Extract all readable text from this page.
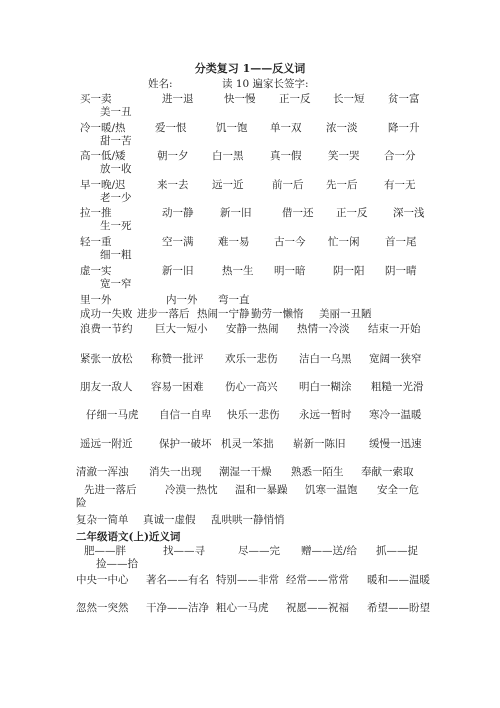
分类复习 1——反义词
姓名:	读 10 遍家长签字:
买一卖	进一退	快一慢 正一反 长一短 贫一富
美一丑
冷一暖/热	爱一恨	饥一饱 单一双 浓一淡	降一升
甜一苦
高一低/矮	朝一夕 白一黑	真一假	笑一哭 合一分
放一收
早一晚/迟	来一去 远一近	前一后 先一后	有一无
老一少
拉一推	动一静	新一旧	借一还 正一反 深一浅
生一死
轻一重	空一满 难一易 古一今 忙一闲 首一尾
细一粗
虚一实	新一旧	热一生 明一暗	阴一阳 阴一晴
宽一窄
里一外	内一外 弯一直
成功一失败 进步一落后 热闹一宁静 勤劳一懒惰 美丽一丑陋
浪费一节约 巨大一短小 安静一热闹 热情一冷淡 结束一开始
紧张一放松 称赞一批评 欢乐一悲伤 洁白一乌黑 宽阔一狭窄
朋友一敌人 容易一困难 伤心一高兴 明白一糊涂 粗糙一光滑
仔细一马虎 自信一自卑 快乐一悲伤 永远一暂时 寒冷一温暖
遥远一附近	保护一破坏 机灵一笨拙 崭新一陈旧 缓慢一迅速
清澈一浑浊 消失一出现 潮湿一干燥 熟悉一陌生 奉献一索取
先进一落后	冷漠一热忱 温和一暴躁 饥寒一温饱 安全一危
险
复杂一简单 真诚一虚假 乱哄哄一静悄悄
二年级语文(上)近义词
肥——胖	找——寻	尽——完 赠——送/给 抓——捉
捡——拾
中央一中心 著名——有名 特别——非常 经常——常常 暖和——温暖
忽然一突然 干净——洁净 粗心一马虎 祝愿——祝福 希望——盼望
